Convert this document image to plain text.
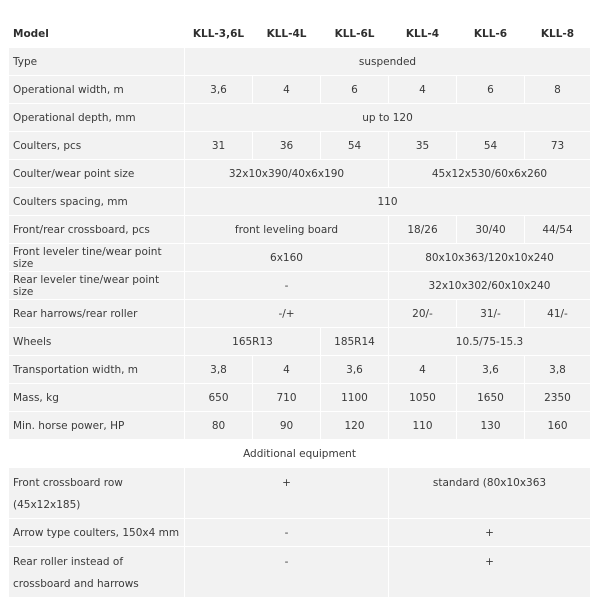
Model	KLL-3,6L	KLL-4L	KLL-6L	KLL-4	KLL-6	KLL-8
Type	suspended					
Operational width, m	3,6	4	6	4	6	8
Operational depth, mm	up to 120					
Coulters, pcs	31	36	54	35	54	73
Coulter/wear point size	32x10x390/40x6x190			45x12x530/60x6x260		
Coulters spacing, mm	110					
Front/rear crossboard, pcs	front leveling board			18/26	30/40	44/54
Front leveler tine/wear point size	6x160			80x10x363/120x10x240		
Rear leveler tine/wear point size	-			32x10x302/60x10x240		
Rear harrows/rear roller	-/+			20/-	31/-	41/-
Wheels	165R13		185R14	10.5/75-15.3		
Transportation width, m	3,8	4	3,6	4	3,6	3,8
Mass, kg	650	710	1100	1050	1650	2350
Min. horse power, HP	80	90	120	110	130	160
Additional equipment						
Front crossboard row (45x12x185)	+			standard (80x10x363		
Arrow type coulters, 150x4 mm	-			+		
Rear roller instead of crossboard and harrows	-			+		
